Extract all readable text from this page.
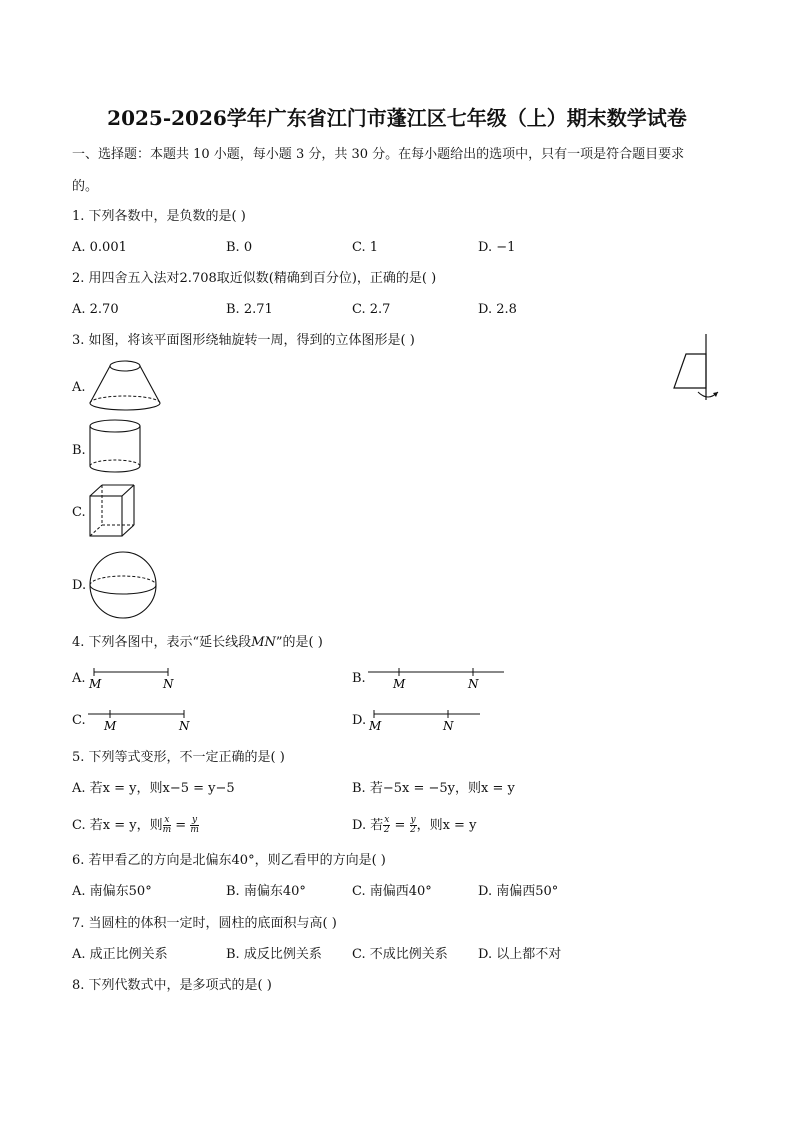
2025-2026学年广东省江门市蓬江区七年级（上）期末数学试卷
一、选择题：本题共 10 小题，每小题 3 分，共 30 分。在每小题给出的选项中，只有一项是符合题目要求
的。
1. 下列各数中，是负数的是( )
A. 0.001	B. 0	C. 1	D. −1
2. 用四舍五入法对2.708取近似数(精确到百分位)，正确的是( )
A. 2.70	B. 2.71	C. 2.7	D. 2.8
3. 如图，将该平面图形绕轴旋转一周，得到的立体图形是( )
A.
B.
C.
D.
4. 下列各图中，表示“延长线段MN”的是( )
A. M	N	B. M	N
C. M	N	D. M	N
5. 下列等式变形，不一定正确的是( )
A. 若x = y，则x−5 = y−5	B. 若−5x = −5y，则x = y
C. 若x = y，则 $\frac{x}{m} = \frac{y}{m}$	D. 若 $\frac{x}{2} = \frac{y}{2}$ ，则x = y
6. 若甲看乙的方向是北偏东40°，则乙看甲的方向是( )
A. 南偏东50°	B. 南偏东40°	C. 南偏西40°	D. 南偏西50°
7. 当圆柱的体积一定时，圆柱的底面积与高( )
A. 成正比例关系	B. 成反比例关系 C. 不成比例关系 D. 以上都不对
8. 下列代数式中，是多项式的是( )
